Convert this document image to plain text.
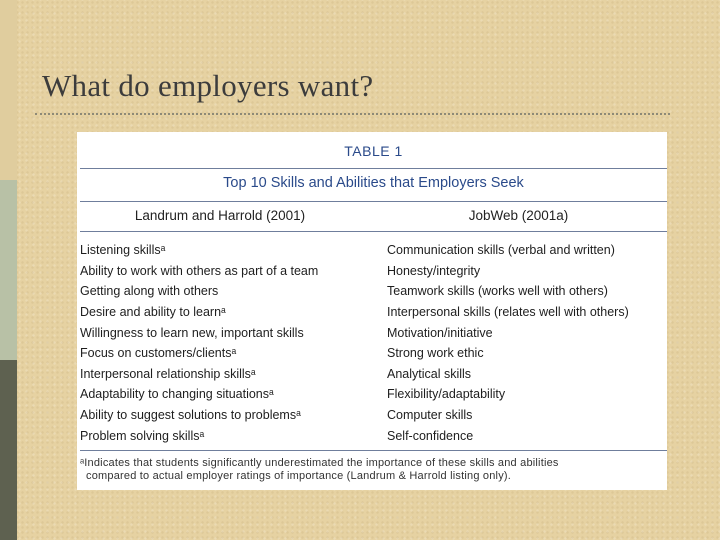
What do employers want?
TABLE 1
Top 10 Skills and Abilities that Employers Seek
Landrum and Harrold (2001)	JobWeb (2001a)
Listening skillsᵃ	Communication skills (verbal and written)
Ability to work with others as part of a team	Honesty/integrity
Getting along with others	Teamwork skills (works well with others)
Desire and ability to learnᵃ	Interpersonal skills (relates well with others)
Willingness to learn new, important skills	Motivation/initiative
Focus on customers/clientsᵃ	Strong work ethic
Interpersonal relationship skillsᵃ	Analytical skills
Adaptability to changing situationsᵃ	Flexibility/adaptability
Ability to suggest solutions to problemsᵃ	Computer skills
Problem solving skillsᵃ	Self-confidence
ᵃIndicates that students significantly underestimated the importance of these skills and abilities
compared to actual employer ratings of importance (Landrum & Harrold listing only).
